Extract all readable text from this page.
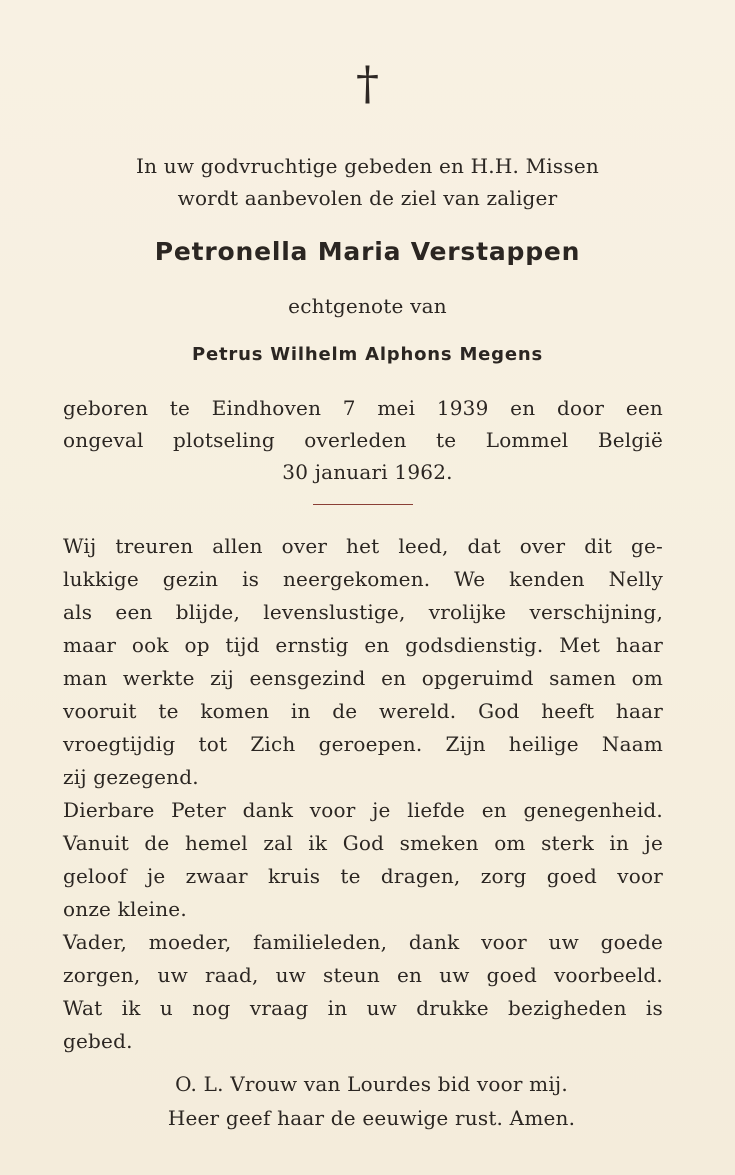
†
In uw godvruchtige gebeden en H.H. Missen
wordt aanbevolen de ziel van zaliger
Petronella Maria Verstappen
echtgenote van
Petrus Wilhelm Alphons Megens
geboren te Eindhoven 7 mei 1939 en door een
ongeval plotseling overleden te Lommel België
30 januari 1962.
Wij treuren allen over het leed, dat over dit ge-
lukkige gezin is neergekomen. We kenden Nelly
als een blijde, levenslustige, vrolijke verschijning,
maar ook op tijd ernstig en godsdienstig. Met haar
man werkte zij eensgezind en opgeruimd samen om
vooruit te komen in de wereld. God heeft haar
vroegtijdig tot Zich geroepen. Zijn heilige Naam
zij gezegend.
Dierbare Peter dank voor je liefde en genegenheid.
Vanuit de hemel zal ik God smeken om sterk in je
geloof je zwaar kruis te dragen, zorg goed voor
onze kleine.
Vader, moeder, familieleden, dank voor uw goede
zorgen, uw raad, uw steun en uw goed voorbeeld.
Wat ik u nog vraag in uw drukke bezigheden is
gebed.
O. L. Vrouw van Lourdes bid voor mij.
Heer geef haar de eeuwige rust. Amen.
